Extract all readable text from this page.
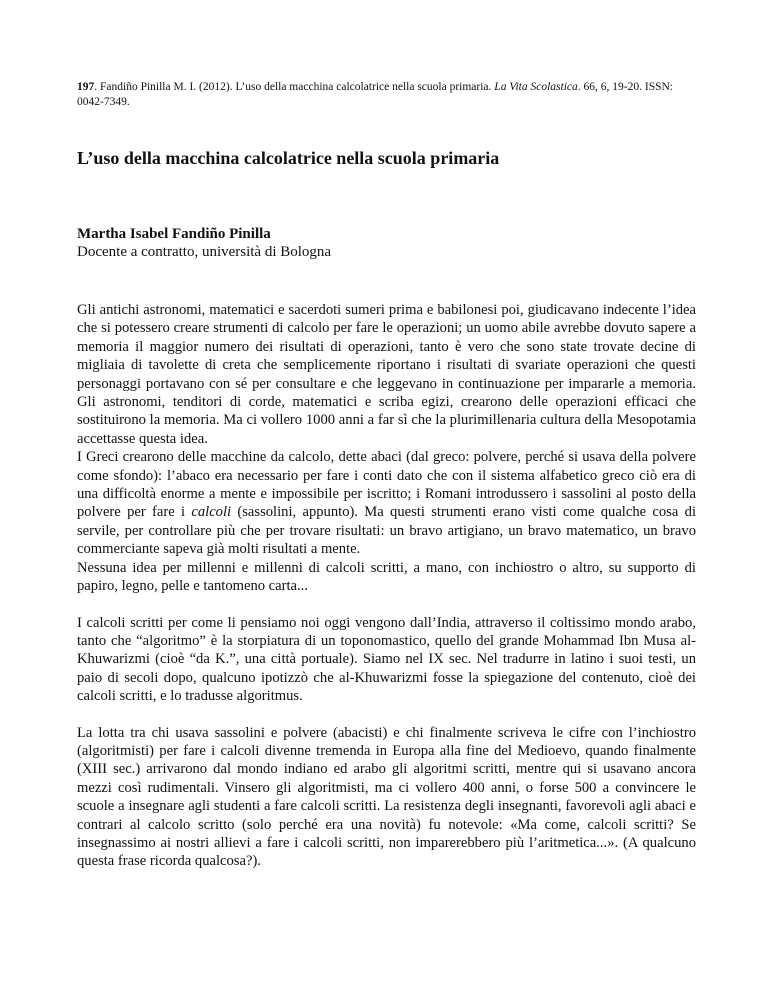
197. Fandiño Pinilla M. I. (2012). L’uso della macchina calcolatrice nella scuola primaria. La Vita Scolastica. 66, 6, 19-20. ISSN: 0042-7349.
L’uso della macchina calcolatrice nella scuola primaria
Martha Isabel Fandiño Pinilla
Docente a contratto, università di Bologna

Gli antichi astronomi, matematici e sacerdoti sumeri prima e babilonesi poi, giudicavano indecente l’idea che si potessero creare strumenti di calcolo per fare le operazioni; un uomo abile avrebbe dovuto sapere a memoria il maggior numero dei risultati di operazioni, tanto è vero che sono state trovate decine di migliaia di tavolette di creta che semplicemente riportano i risultati di svariate operazioni che questi personaggi portavano con sé per consultare e che leggevano in continuazione per impararle a memoria. Gli astronomi, tenditori di corde, matematici e scriba egizi, crearono delle operazioni efficaci che sostituirono la memoria. Ma ci vollero 1000 anni a far sì che la plurimillenaria cultura della Mesopotamia accettasse questa idea.

I Greci crearono delle macchine da calcolo, dette abaci (dal greco: polvere, perché si usava della polvere come sfondo): l’abaco era necessario per fare i conti dato che con il sistema alfabetico greco ciò era di una difficoltà enorme a mente e impossibile per iscritto; i Romani introdussero i sassolini al posto della polvere per fare i calcoli (sassolini, appunto). Ma questi strumenti erano visti come qualche cosa di servile, per controllare più che per trovare risultati: un bravo artigiano, un bravo matematico, un bravo commerciante sapeva già molti risultati a mente.

Nessuna idea per millenni e millenni di calcoli scritti, a mano, con inchiostro o altro, su supporto di papiro, legno, pelle e tantomeno carta...

I calcoli scritti per come li pensiamo noi oggi vengono dall’India, attraverso il coltissimo mondo arabo, tanto che “algoritmo” è la storpiatura di un toponomastico, quello del grande Mohammad Ibn Musa al-Khuwarizmi (cioè “da K.”, una città portuale). Siamo nel IX sec. Nel tradurre in latino i suoi testi, un paio di secoli dopo, qualcuno ipotizzò che al-Khuwarizmi fosse la spiegazione del contenuto, cioè dei calcoli scritti, e lo tradusse algoritmus.

La lotta tra chi usava sassolini e polvere (abacisti) e chi finalmente scriveva le cifre con l’inchiostro (algoritmisti) per fare i calcoli divenne tremenda in Europa alla fine del Medioevo, quando finalmente (XIII sec.) arrivarono dal mondo indiano ed arabo gli algoritmi scritti, mentre qui si usavano ancora mezzi così rudimentali. Vinsero gli algoritmisti, ma ci vollero 400 anni, o forse 500 a convincere le scuole a insegnare agli studenti a fare calcoli scritti. La resistenza degli insegnanti, favorevoli agli abaci e contrari al calcolo scritto (solo perché era una novità) fu notevole: «Ma come, calcoli scritti? Se insegnassimo ai nostri allievi a fare i calcoli scritti, non imparerebbero più l’aritmetica...». (A qualcuno questa frase ricorda qualcosa?).
